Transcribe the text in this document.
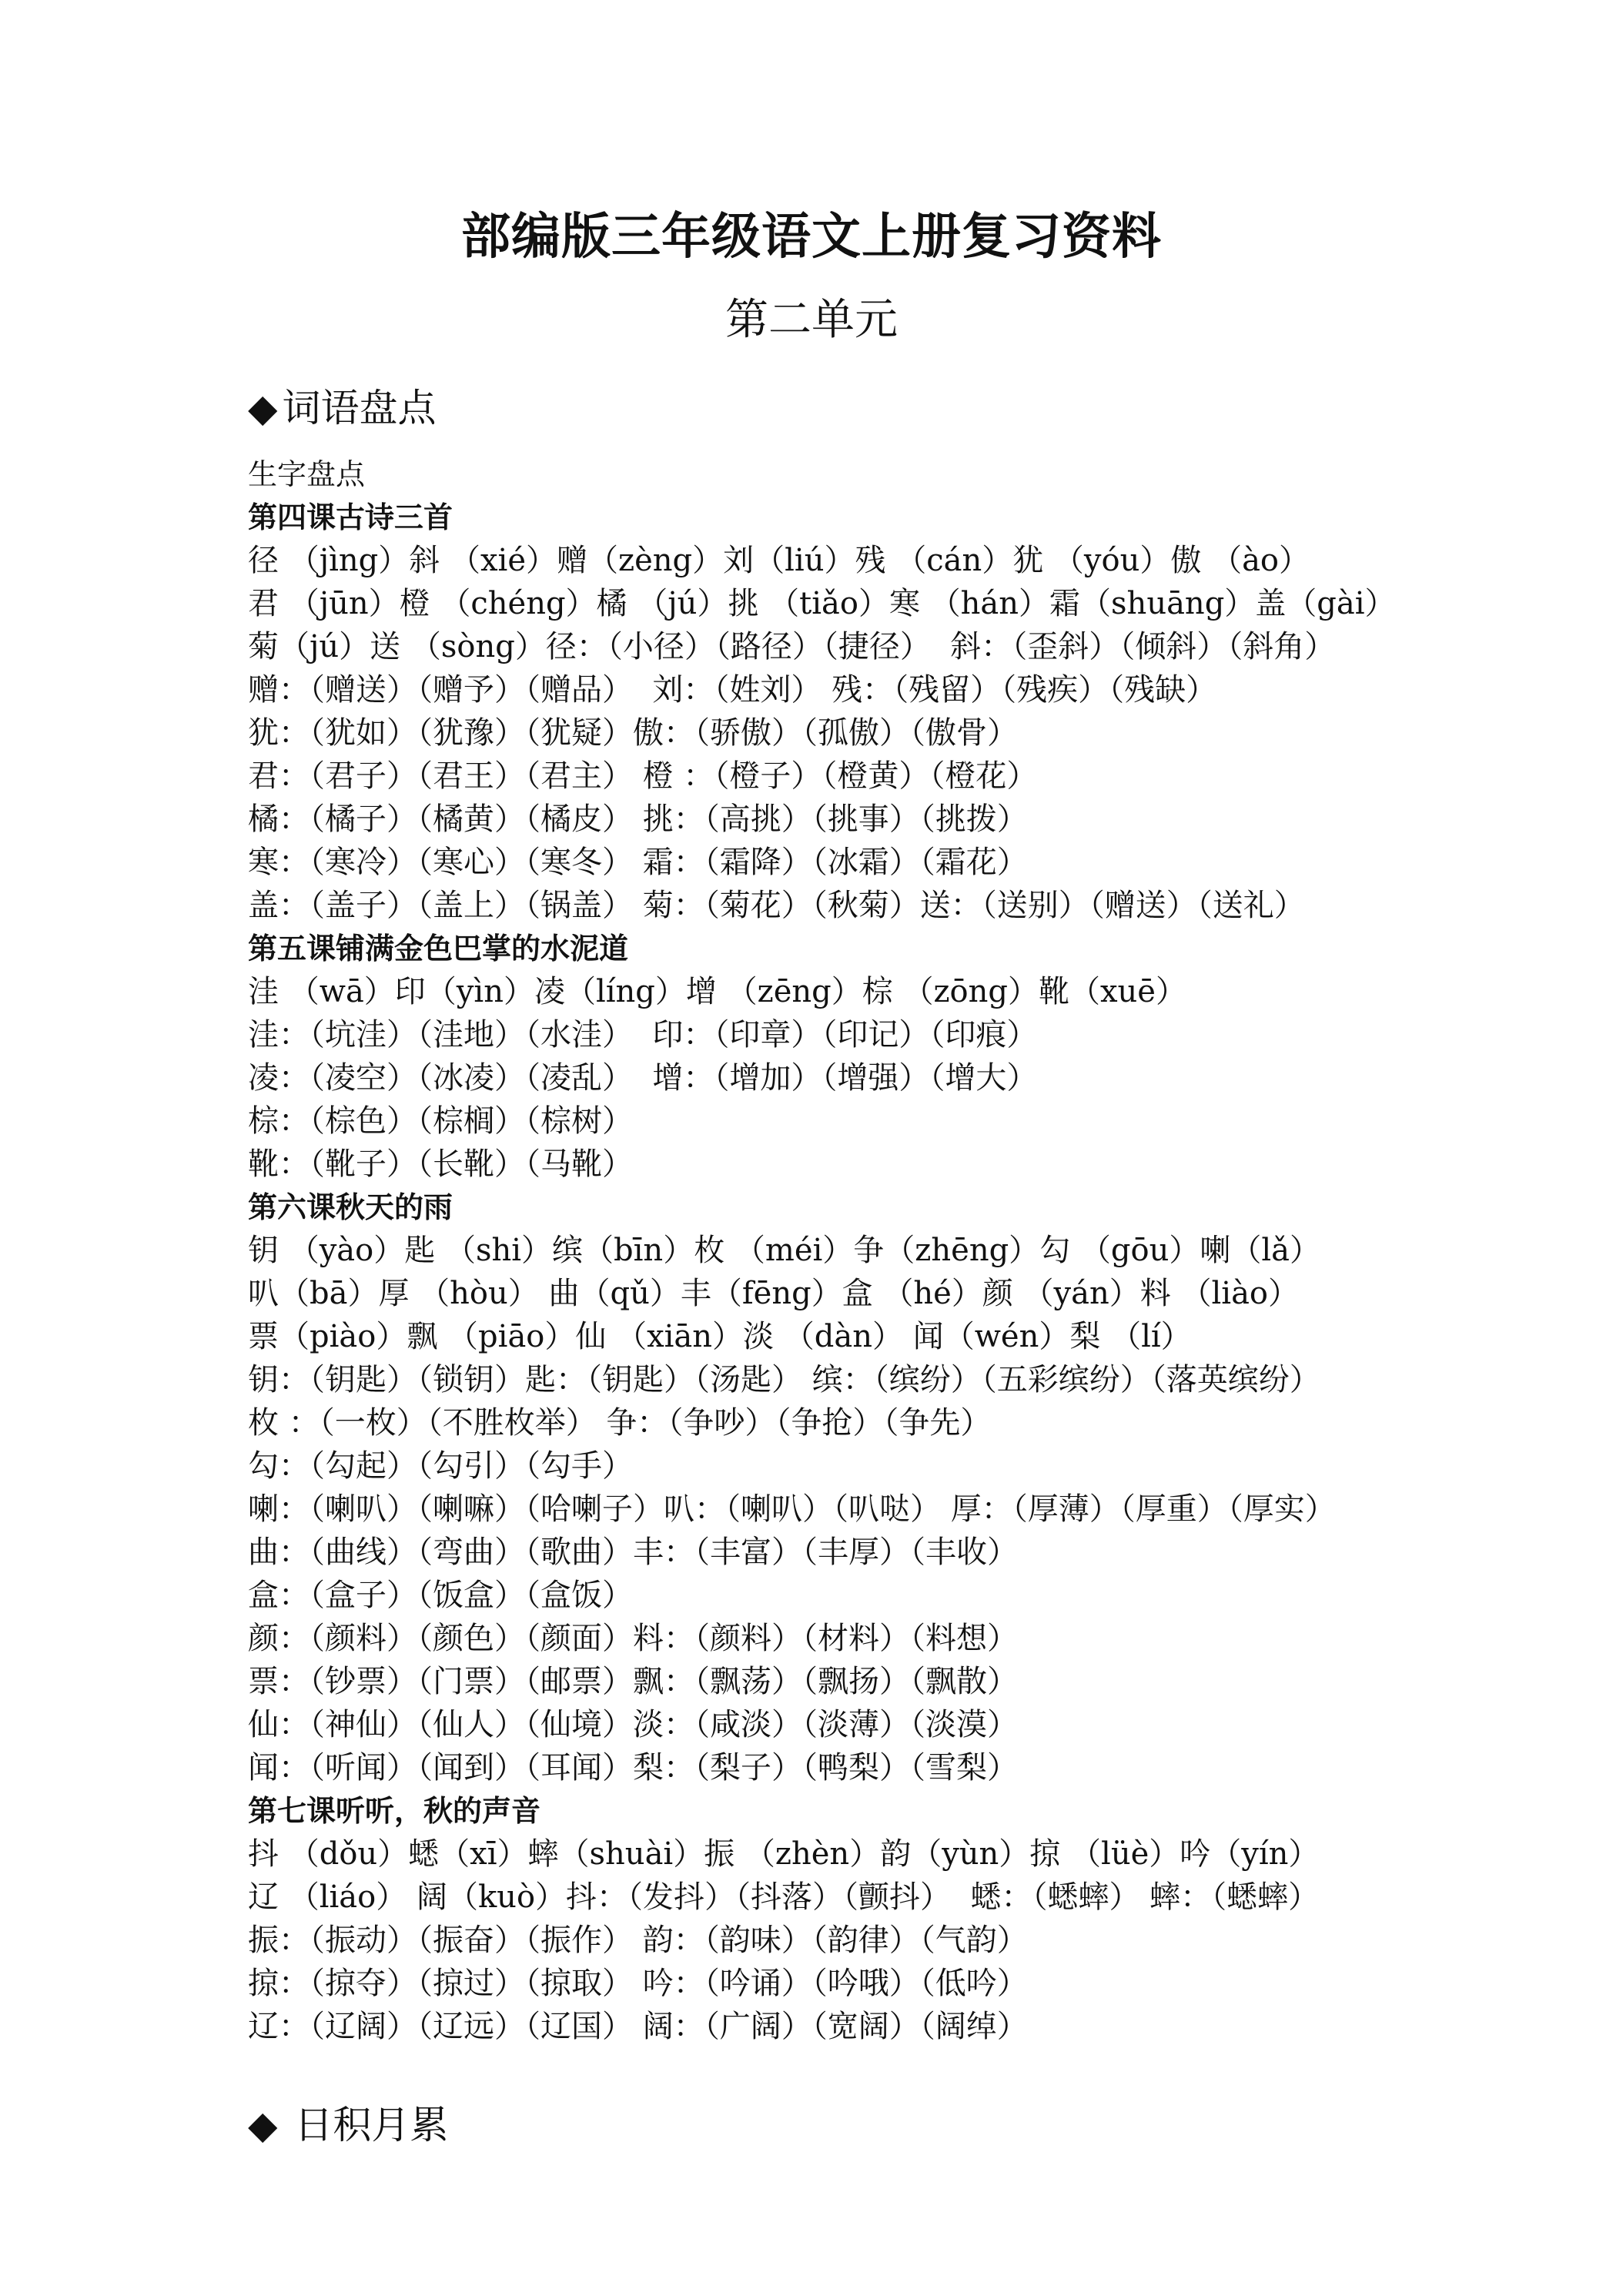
部编版三年级语文上册复习资料
第二单元
◆ 词语盘点
生字盘点
第四课古诗三首
径 （jìng）斜 （xié）赠（zèng）刘（liú）残 （cán）犹 （yóu）傲 （ào）
君 （jūn）橙 （chéng）橘 （jú）挑 （tiǎo）寒 （hán）霜（shuāng）盖（gài）
菊（jú）送 （sòng）径：（小径）（路径）（捷径）  斜：（歪斜）（倾斜）（斜角）
赠：（赠送）（赠予）（赠品）  刘：（姓刘） 残：（残留）（残疾）（残缺）
犹：（犹如）（犹豫）（犹疑）傲：（骄傲）（孤傲）（傲骨）
君：（君子）（君王）（君主） 橙 ：（橙子）（橙黄）（橙花）
橘：（橘子）（橘黄）（橘皮） 挑：（高挑）（挑事）（挑拨）
寒：（寒冷）（寒心）（寒冬） 霜：（霜降）（冰霜）（霜花）
盖：（盖子）（盖上）（锅盖） 菊：（菊花）（秋菊）送：（送别）（赠送）（送礼）
第五课铺满金色巴掌的水泥道
洼 （wā）印（yìn）凌（líng）增 （zēng）棕 （zōng）靴（xuē）
洼：（坑洼）（洼地）（水洼）  印：（印章）（印记）（印痕）
凌：（凌空）（冰凌）（凌乱）  增：（增加）（增强）（增大）
棕：（棕色）（棕榈）（棕树）
靴：（靴子）（长靴）（马靴）
第六课秋天的雨
钥 （yào）匙 （shi）缤（bīn）枚 （méi）争（zhēng）勾 （gōu）喇（lǎ）
叭（bā）厚 （hòu） 曲（qǔ）丰（fēng）盒 （hé）颜 （yán）料 （liào）
票（piào）飘 （piāo）仙 （xiān）淡 （dàn） 闻（wén）梨 （lí）
钥：（钥匙）（锁钥）匙：（钥匙）（汤匙） 缤：（缤纷）（五彩缤纷）（落英缤纷）
枚 ：（一枚）（不胜枚举） 争：（争吵）（争抢）（争先）
勾：（勾起）（勾引）（勾手）
喇：（喇叭）（喇嘛）（哈喇子）叭：（喇叭）（叭哒） 厚：（厚薄）（厚重）（厚实）
曲：（曲线）（弯曲）（歌曲）丰：（丰富）（丰厚）（丰收）
盒：（盒子）（饭盒）（盒饭）
颜：（颜料）（颜色）（颜面）料：（颜料）（材料）（料想）
票：（钞票）（门票）（邮票）飘：（飘荡）（飘扬）（飘散）
仙：（神仙）（仙人）（仙境）淡：（咸淡）（淡薄）（淡漠）
闻：（听闻）（闻到）（耳闻）梨：（梨子）（鸭梨）（雪梨）
第七课听听，秋的声音
抖 （dǒu）蟋（xī）蟀（shuài）振 （zhèn）韵（yùn）掠 （lüè）吟（yín）
辽 （liáo） 阔（kuò）抖：（发抖）（抖落）（颤抖）  蟋：（蟋蟀） 蟀：（蟋蟀）
振：（振动）（振奋）（振作） 韵：（韵味）（韵律）（气韵）
掠：（掠夺）（掠过）（掠取） 吟：（吟诵）（吟哦）（低吟）
辽：（辽阔）（辽远）（辽国） 阔：（广阔）（宽阔）（阔绰）
◆ 日积月累
